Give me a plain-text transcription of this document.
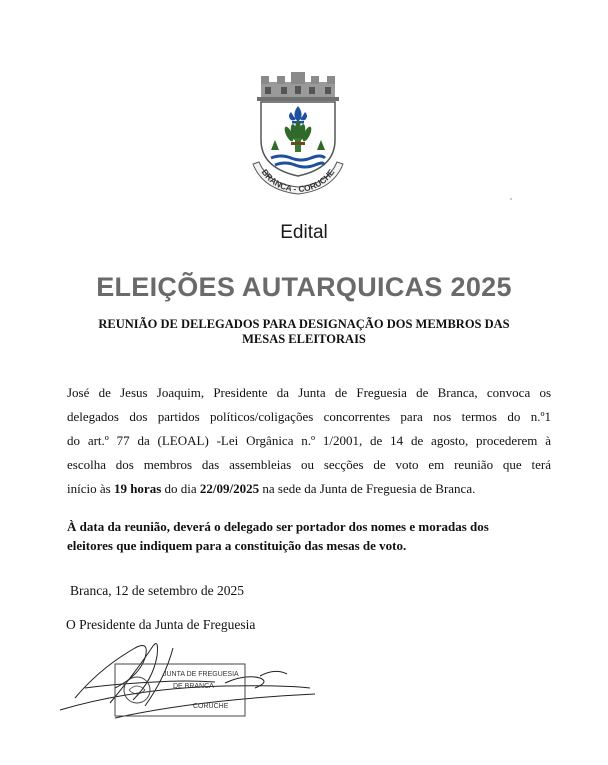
BRANCA - CORUCHE
Edital
ELEIÇÕES AUTARQUICAS 2025
REUNIÃO DE DELEGADOS PARA DESIGNAÇÃO DOS MEMBROS DAS
MESAS ELEITORAIS
José de Jesus Joaquim, Presidente da Junta de Freguesia de Branca, convoca os
delegados dos partidos políticos/coligações concorrentes para nos termos do n.º1
do art.º 77 da (LEOAL) -Lei Orgânica n.º 1/2001, de 14 de agosto, procederem à
escolha dos membros das assembleias ou secções de voto em reunião que terá
início às 19 horas do dia 22/09/2025 na sede da Junta de Freguesia de Branca.
À data da reunião, deverá o delegado ser portador dos nomes e moradas dos
eleitores que indiquem para a constituição das mesas de voto.
Branca, 12 de setembro de 2025
O Presidente da Junta de Freguesia
JUNTA DE FREGUESIA
DE BRANCA
CORUCHE
